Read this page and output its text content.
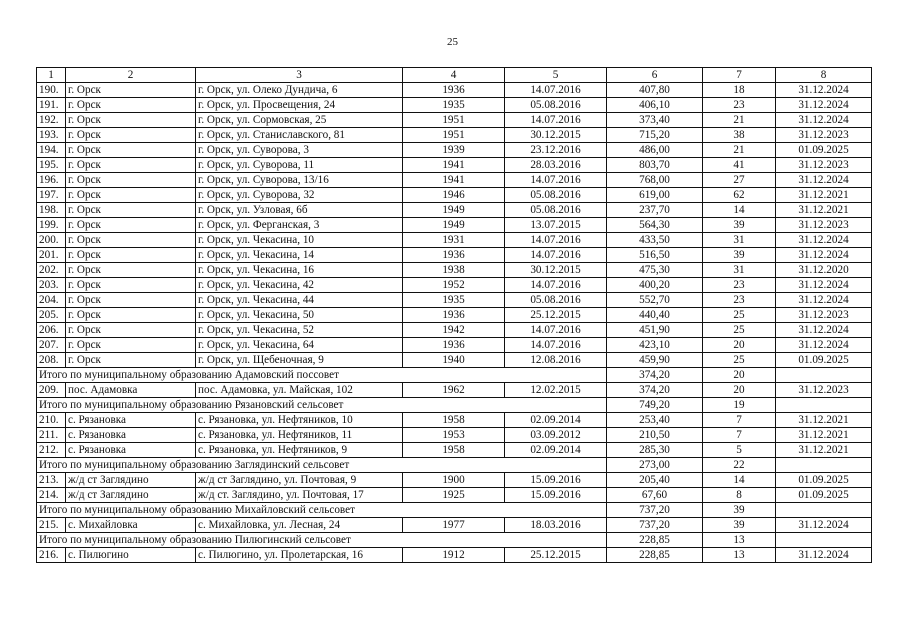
25
1	2	3	4	5	6	7	8
190.	г. Орск	г. Орск, ул. Олеко Дундича, 6	1936	14.07.2016	407,80	18	31.12.2024
191.	г. Орск	г. Орск, ул. Просвещения, 24	1935	05.08.2016	406,10	23	31.12.2024
192.	г. Орск	г. Орск, ул. Сормовская, 25	1951	14.07.2016	373,40	21	31.12.2024
193.	г. Орск	г. Орск, ул. Станиславского, 81	1951	30.12.2015	715,20	38	31.12.2023
194.	г. Орск	г. Орск, ул. Суворова, 3	1939	23.12.2016	486,00	21	01.09.2025
195.	г. Орск	г. Орск, ул. Суворова, 11	1941	28.03.2016	803,70	41	31.12.2023
196.	г. Орск	г. Орск, ул. Суворова, 13/16	1941	14.07.2016	768,00	27	31.12.2024
197.	г. Орск	г. Орск, ул. Суворова, 32	1946	05.08.2016	619,00	62	31.12.2021
198.	г. Орск	г. Орск, ул. Узловая, 6б	1949	05.08.2016	237,70	14	31.12.2021
199.	г. Орск	г. Орск, ул. Ферганская, 3	1949	13.07.2015	564,30	39	31.12.2023
200.	г. Орск	г. Орск, ул. Чекасина, 10	1931	14.07.2016	433,50	31	31.12.2024
201.	г. Орск	г. Орск, ул. Чекасина, 14	1936	14.07.2016	516,50	39	31.12.2024
202.	г. Орск	г. Орск, ул. Чекасина, 16	1938	30.12.2015	475,30	31	31.12.2020
203.	г. Орск	г. Орск, ул. Чекасина, 42	1952	14.07.2016	400,20	23	31.12.2024
204.	г. Орск	г. Орск, ул. Чекасина, 44	1935	05.08.2016	552,70	23	31.12.2024
205.	г. Орск	г. Орск, ул. Чекасина, 50	1936	25.12.2015	440,40	25	31.12.2023
206.	г. Орск	г. Орск, ул. Чекасина, 52	1942	14.07.2016	451,90	25	31.12.2024
207.	г. Орск	г. Орск, ул. Чекасина, 64	1936	14.07.2016	423,10	20	31.12.2024
208.	г. Орск	г. Орск, ул. Щебеночная, 9	1940	12.08.2016	459,90	25	01.09.2025
Итого по муниципальному образованию Адамовский поссовет					374,20	20	
209.	пос. Адамовка	пос. Адамовка, ул. Майская, 102	1962	12.02.2015	374,20	20	31.12.2023
Итого по муниципальному образованию Рязановский сельсовет					749,20	19	
210.	с. Рязановка	с. Рязановка, ул. Нефтяников, 10	1958	02.09.2014	253,40	7	31.12.2021
211.	с. Рязановка	с. Рязановка, ул. Нефтяников, 11	1953	03.09.2012	210,50	7	31.12.2021
212.	с. Рязановка	с. Рязановка, ул. Нефтяников, 9	1958	02.09.2014	285,30	5	31.12.2021
Итого по муниципальному образованию Заглядинский сельсовет					273,00	22	
213.	ж/д ст Заглядино	ж/д ст Заглядино, ул. Почтовая, 9	1900	15.09.2016	205,40	14	01.09.2025
214.	ж/д ст Заглядино	ж/д ст. Заглядино, ул. Почтовая, 17	1925	15.09.2016	67,60	8	01.09.2025
Итого по муниципальному образованию Михайловский сельсовет					737,20	39	
215.	с. Михайловка	с. Михайловка, ул. Лесная, 24	1977	18.03.2016	737,20	39	31.12.2024
Итого по муниципальному образованию Пилюгинский сельсовет					228,85	13	
216.	с. Пилюгино	с. Пилюгино, ул. Пролетарская, 16	1912	25.12.2015	228,85	13	31.12.2024
